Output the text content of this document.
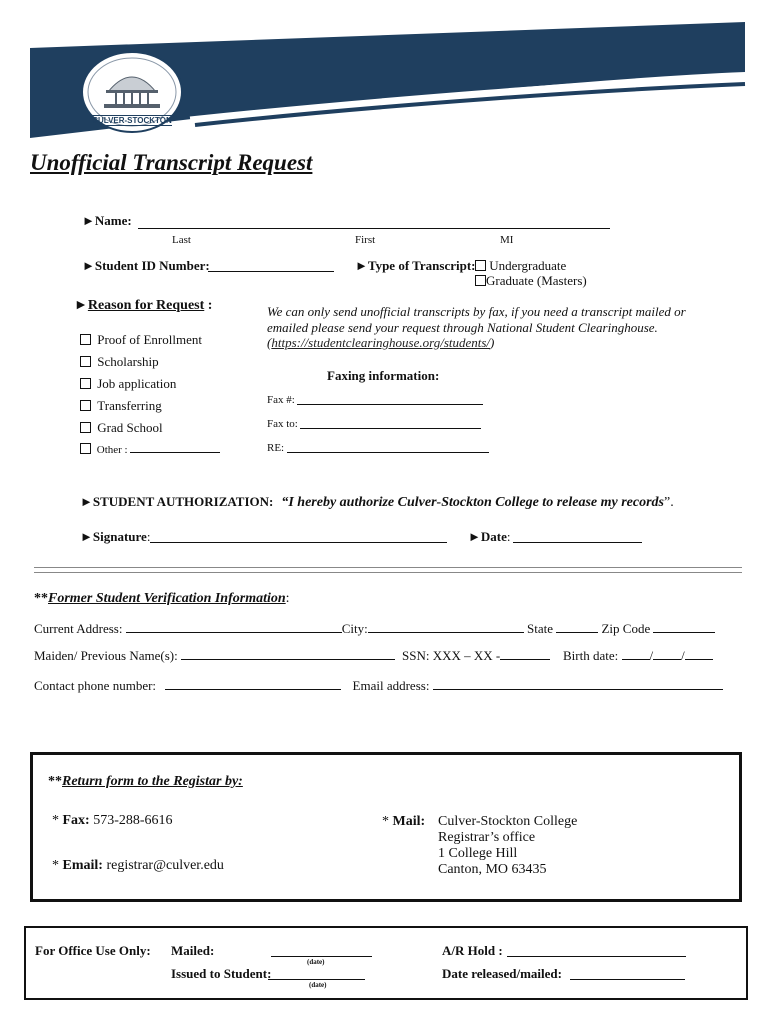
CULVER-STOCKTON
Unofficial Transcript Request
►Name:
Last	First	MI
►Student ID Number:	►Type of Transcript:	Undergraduate
Graduate (Masters)
►Reason for Request :
Proof of Enrollment
Scholarship
Job application
Transferring
Grad School
Other :
We can only send unofficial transcripts by fax, if you need a transcript mailed or
emailed please send your request through National Student Clearinghouse.
(https://studentclearinghouse.org/students/)
Faxing information:
Fax #:
Fax to:
RE:
►STUDENT AUTHORIZATION: “I hereby authorize Culver-Stockton College to release my records”.
►Signature:	►Date:
**Former Student Verification Information:
Current Address:	City:	State	Zip Code
Maiden/ Previous Name(s):	SSN: XXX – XX -	Birth date: / /
Contact phone number:	Email address:
**Return form to the Registar by:
* Fax: 573-288-6616
* Email: registrar@culver.edu
* Mail: Culver-Stockton College
Registrar’s office
1 College Hill
Canton, MO 63435
For Office Use Only: Mailed:
(date)
Issued to Student:
(date)
A/R Hold :
Date released/mailed:
